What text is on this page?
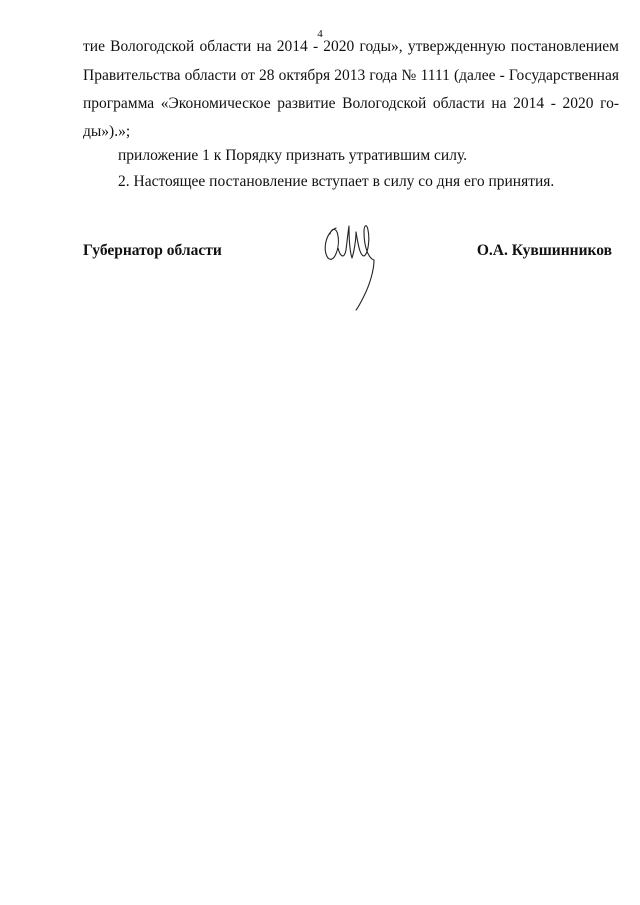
4
тие Вологодской области на 2014 - 2020 годы», утвержденную постановлением
Правительства области от 28 октября 2013 года № 1111 (далее - Государственная
программа «Экономическое развитие Вологодской области на 2014 - 2020 го-
ды»).»;
приложение 1 к Порядку признать утратившим силу.
2. Настоящее постановление вступает в силу со дня его принятия.
Губернатор области	О.А. Кувшинников
